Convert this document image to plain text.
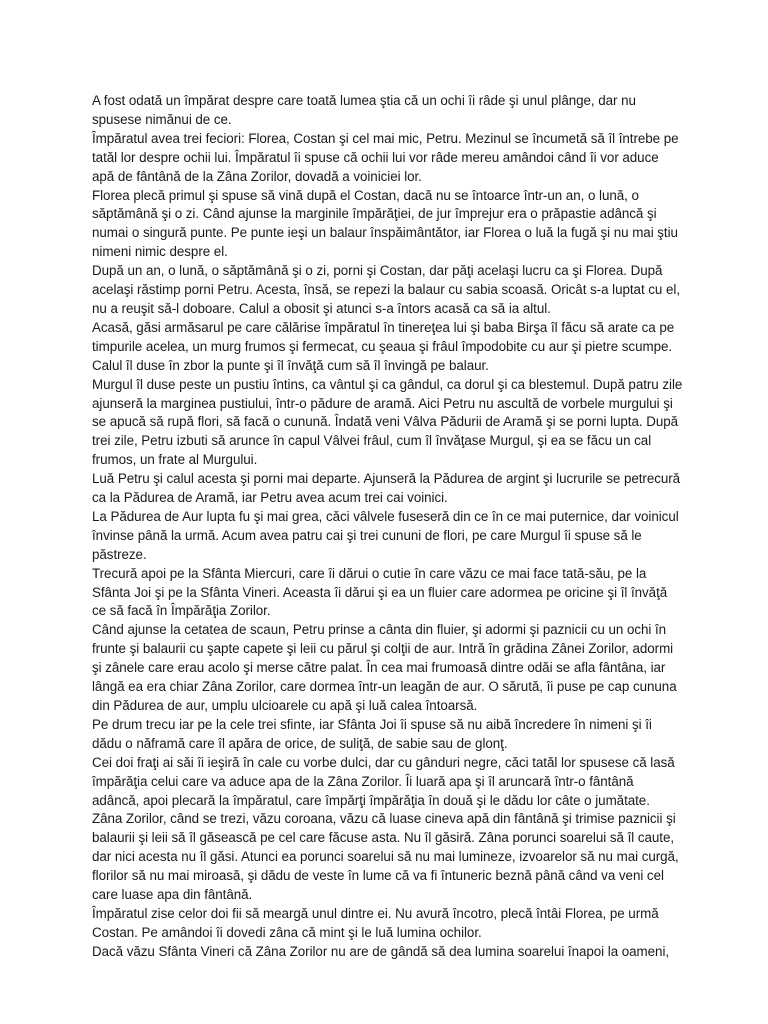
A fost odată un împărat despre care toată lumea ştia că un ochi îi râde şi unul plânge, dar nu
spusese nimănui de ce.

Împăratul avea trei feciori: Florea, Costan şi cel mai mic, Petru. Mezinul se încumetă să îl întrebe pe
tatăl lor despre ochii lui. Împăratul îi spuse că ochii lui vor râde mereu amândoi când îi vor aduce
apă de fântână de la Zâna Zorilor, dovadă a voiniciei lor.

Florea plecă primul şi spuse să vină după el Costan, dacă nu se întoarce într-un an, o lună, o
săptămână şi o zi. Când ajunse la marginile împărăţiei, de jur împrejur era o prăpastie adâncă şi
numai o singură punte. Pe punte ieşi un balaur înspăimântător, iar Florea o luă la fugă şi nu mai ştiu
nimeni nimic despre el.

După un an, o lună, o săptămână şi o zi, porni şi Costan, dar păţi acelaşi lucru ca şi Florea. După
acelaşi răstimp porni Petru. Acesta, însă, se repezi la balaur cu sabia scoasă. Oricât s-a luptat cu el,
nu a reuşit să-l doboare. Calul a obosit şi atunci s-a întors acasă ca să ia altul.

Acasă, găsi armăsarul pe care călărise împăratul în tinereţea lui şi baba Birşa îl făcu să arate ca pe
timpurile acelea, un murg frumos şi fermecat, cu şeaua şi frâul împodobite cu aur şi pietre scumpe.
Calul îl duse în zbor la punte şi îl învăţă cum să îl învingă pe balaur.

Murgul îl duse peste un pustiu întins, ca vântul şi ca gândul, ca dorul şi ca blestemul. După patru zile
ajunseră la marginea pustiului, într-o pădure de aramă. Aici Petru nu ascultă de vorbele murgului şi
se apucă să rupă flori, să facă o cunună. Îndată veni Vâlva Pădurii de Aramă şi se porni lupta. După
trei zile, Petru izbuti să arunce în capul Vâlvei frâul, cum îl învăţase Murgul, şi ea se făcu un cal
frumos, un frate al Murgului.

Luă Petru şi calul acesta şi porni mai departe. Ajunseră la Pădurea de argint şi lucrurile se petrecură
ca la Pădurea de Aramă, iar Petru avea acum trei cai voinici.

La Pădurea de Aur lupta fu şi mai grea, căci vâlvele fuseseră din ce în ce mai puternice, dar voinicul
învinse până la urmă. Acum avea patru cai şi trei cununi de flori, pe care Murgul îi spuse să le
păstreze.

Trecură apoi pe la Sfânta Miercuri, care îi dărui o cutie în care văzu ce mai face tată-său, pe la
Sfânta Joi şi pe la Sfânta Vineri. Aceasta îi dărui şi ea un fluier care adormea pe oricine şi îl învăţă
ce să facă în Împărăţia Zorilor.

Când ajunse la cetatea de scaun, Petru prinse a cânta din fluier, şi adormi şi paznicii cu un ochi în
frunte şi balaurii cu şapte capete şi leii cu părul şi colţii de aur. Intră în grădina Zânei Zorilor, adormi
şi zânele care erau acolo şi merse către palat. În cea mai frumoasă dintre odăi se afla fântâna, iar
lângă ea era chiar Zâna Zorilor, care dormea într-un leagăn de aur. O sărută, îi puse pe cap cununa
din Pădurea de aur, umplu ulcioarele cu apă şi luă calea întoarsă.

Pe drum trecu iar pe la cele trei sfinte, iar Sfânta Joi îi spuse să nu aibă încredere în nimeni şi îi
dădu o năframă care îl apăra de orice, de suliţă, de sabie sau de glonţ.

Cei doi fraţi ai săi îi ieşiră în cale cu vorbe dulci, dar cu gânduri negre, căci tatăl lor spusese că lasă
împărăţia celui care va aduce apa de la Zâna Zorilor. Îi luară apa şi îl aruncară într-o fântână
adâncă, apoi plecară la împăratul, care împărţi împărăţia în două şi le dădu lor câte o jumătate.

Zâna Zorilor, când se trezi, văzu coroana, văzu că luase cineva apă din fântână şi trimise paznicii şi
balaurii şi leii să îl găsească pe cel care făcuse asta. Nu îl găsiră. Zâna porunci soarelui să îl caute,
dar nici acesta nu îl găsi. Atunci ea porunci soarelui să nu mai lumineze, izvoarelor să nu mai curgă,
florilor să nu mai miroasă, şi dădu de veste în lume că va fi întuneric beznă până când va veni cel
care luase apa din fântână.

Împăratul zise celor doi fii să meargă unul dintre ei. Nu avură încotro, plecă întâi Florea, pe urmă
Costan. Pe amândoi îi dovedi zâna că mint şi le luă lumina ochilor.

Dacă văzu Sfânta Vineri că Zâna Zorilor nu are de gândă să dea lumina soarelui înapoi la oameni,
